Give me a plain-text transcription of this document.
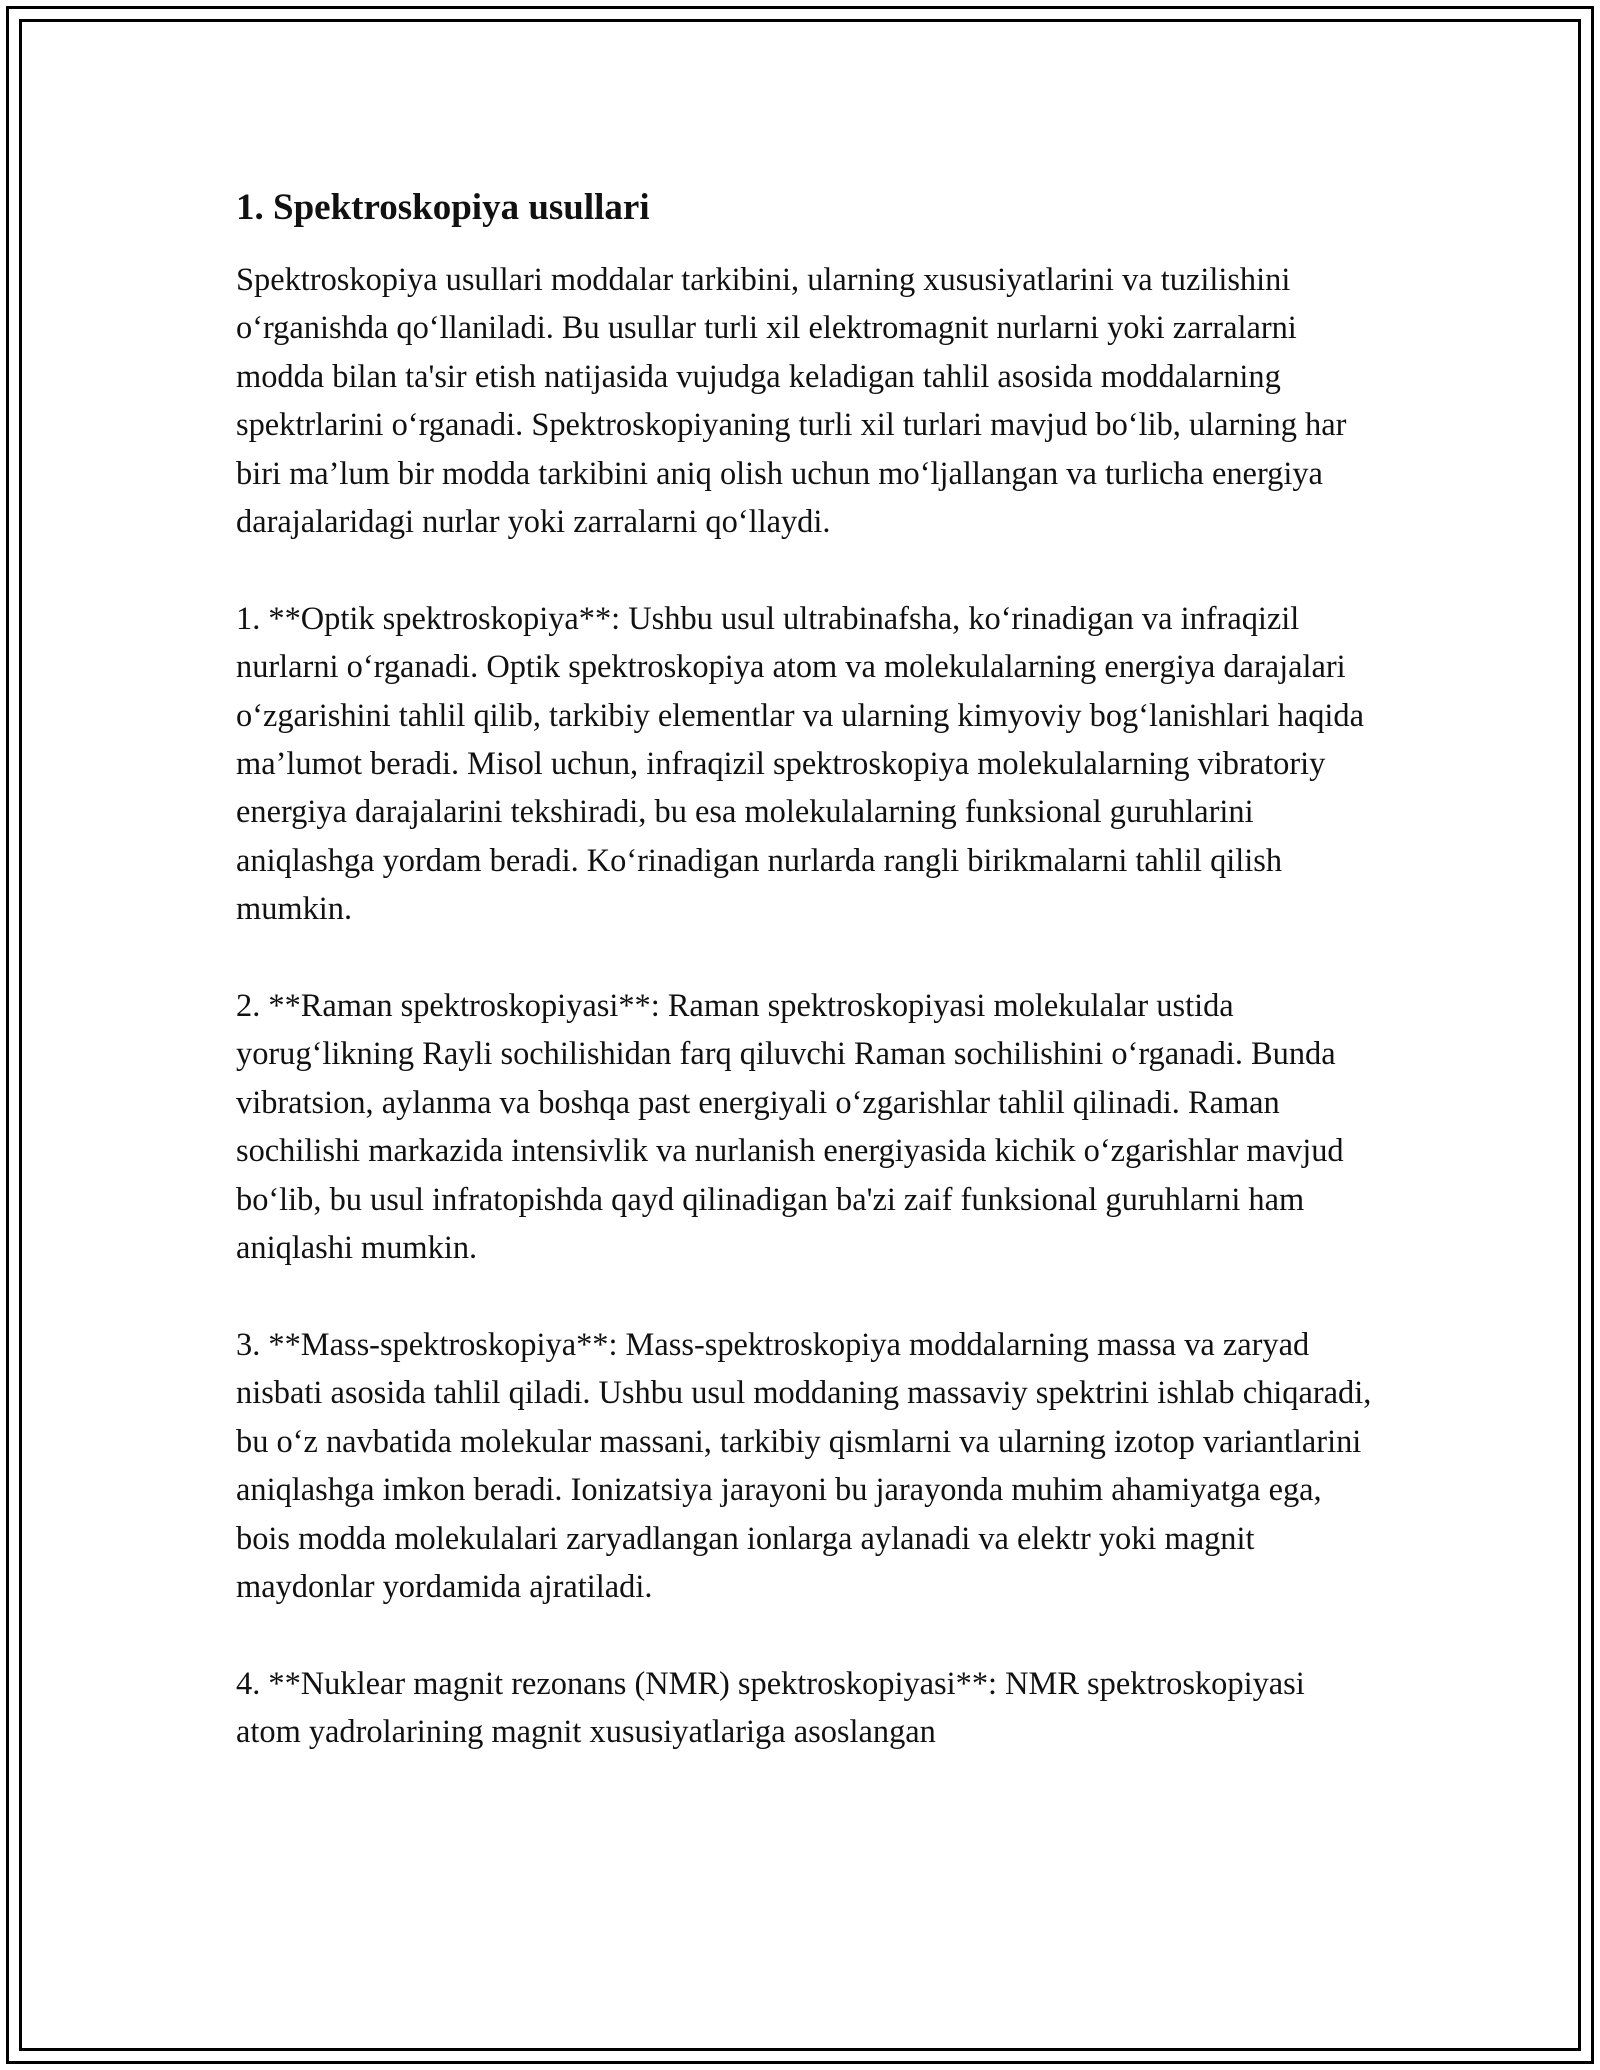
1. Spektroskopiya usullari

Spektroskopiya usullari moddalar tarkibini, ularning xususiyatlarini va tuzilishini oʻrganishda qoʻllaniladi. Bu usullar turli xil elektromagnit nurlarni yoki zarralarni modda bilan ta'sir etish natijasida vujudga keladigan tahlil asosida moddalarning spektrlarini oʻrganadi. Spektroskopiyaning turli xil turlari mavjud boʻlib, ularning har biri ma’lum bir modda tarkibini aniq olish uchun moʻljallangan va turlicha energiya darajalaridagi nurlar yoki zarralarni qoʻllaydi.

1. **Optik spektroskopiya**: Ushbu usul ultrabinafsha, koʻrinadigan va infraqizil nurlarni oʻrganadi. Optik spektroskopiya atom va molekulalarning energiya darajalari oʻzgarishini tahlil qilib, tarkibiy elementlar va ularning kimyoviy bogʻlanishlari haqida ma’lumot beradi. Misol uchun, infraqizil spektroskopiya molekulalarning vibratoriy energiya darajalarini tekshiradi, bu esa molekulalarning funksional guruhlarini aniqlashga yordam beradi. Koʻrinadigan nurlarda rangli birikmalarni tahlil qilish mumkin.

2. **Raman spektroskopiyasi**: Raman spektroskopiyasi molekulalar ustida yorugʻlikning Rayli sochilishidan farq qiluvchi Raman sochilishini oʻrganadi. Bunda vibratsion, aylanma va boshqa past energiyali oʻzgarishlar tahlil qilinadi. Raman sochilishi markazida intensivlik va nurlanish energiyasida kichik oʻzgarishlar mavjud boʻlib, bu usul infratopishda qayd qilinadigan ba'zi zaif funksional guruhlarni ham aniqlashi mumkin.

3. **Mass-spektroskopiya**: Mass-spektroskopiya moddalarning massa va zaryad nisbati asosida tahlil qiladi. Ushbu usul moddaning massaviy spektrini ishlab chiqaradi, bu oʻz navbatida molekular massani, tarkibiy qismlarni va ularning izotop variantlarini aniqlashga imkon beradi. Ionizatsiya jarayoni bu jarayonda muhim ahamiyatga ega, bois modda molekulalari zaryadlangan ionlarga aylanadi va elektr yoki magnit maydonlar yordamida ajratiladi.

4. **Nuklear magnit rezonans (NMR) spektroskopiyasi**: NMR spektroskopiyasi atom yadrolarining magnit xususiyatlariga asoslangan
